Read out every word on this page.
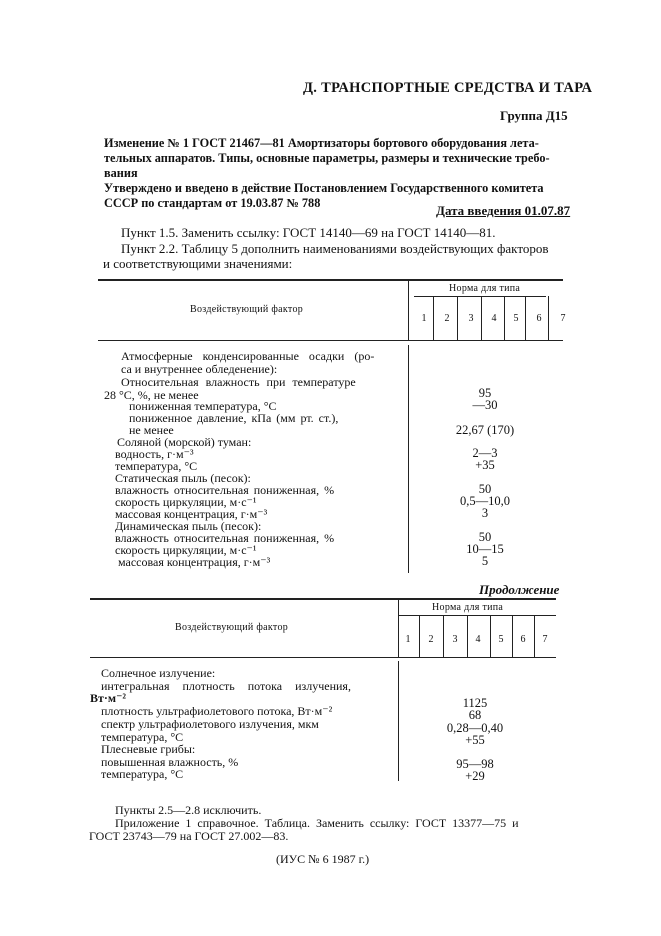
Д. ТРАНСПОРТНЫЕ СРЕДСТВА И ТАРА
Группа Д15
Изменение № 1 ГОСТ 21467—81 Амортизаторы бортового оборудования лета-
тельных аппаратов. Типы, основные параметры, размеры и технические требо-
вания
Утверждено и введено в действие Постановлением Государственного комитета
СССР по стандартам от 19.03.87 № 788	Дата введения 01.07.87
Пункт 1.5. Заменить ссылку: ГОСТ 14140—69 на ГОСТ 14140—81.
Пункт 2.2. Таблицу 5 дополнить наименованиями воздействующих факторов
и соответствующими значениями:
Воздействующий фактор
Норма для типа
1	2	3	4	5	6	7
Атмосферные конденсированные осадки (ро-
са и внутреннее обледенение):
Относительная влажность при температуре
28 °С, %, не менее	95
пониженная температура, °С	—30
пониженное давление, кПа (мм рт. ст.),
не менее	22,67 (170)
Соляной (морской) туман:
водность, г·м⁻³	2—3
температура, °С	+35
Статическая пыль (песок):
влажность относительная пониженная, %	50
скорость циркуляции, м·с⁻¹	0,5—10,0
массовая концентрация, г·м⁻³	3
Динамическая пыль (песок):
влажность относительная пониженная, %	50
скорость циркуляции, м·с⁻¹	10—15
массовая концентрация, г·м⁻³	5
Продолжение
Воздействующий фактор
Норма для типа
1	2	3	4	5	6	7
Солнечное излучение:
интегральная плотность потока излучения,
Вт·м⁻²	1125
плотность ультрафиолетового потока, Вт·м⁻²	68
спектр ультрафиолетового излучения, мкм	0,28—0,40
температура, °С	+55
Плесневые грибы:
повышенная влажность, %	95—98
температура, °С	+29
Пункты 2.5—2.8 исключить.
Приложение 1 справочное. Таблица. Заменить ссылку: ГОСТ 13377—75 и
ГОСТ 23743—79 на ГОСТ 27.002—83.
(ИУС № 6 1987 г.)
